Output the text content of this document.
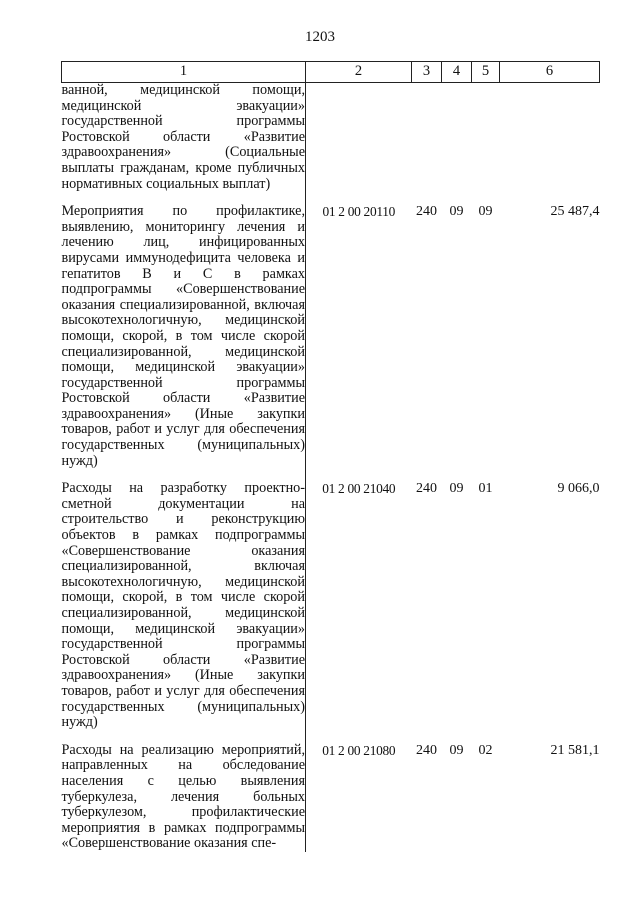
1203
1	2	3	4	5	6

ванной, медицинской помощи, медицинской эвакуации» государственной программы Ростовской области «Развитие здравоохранения» (Социальные выплаты гражданам, кроме публичных нормативных социальных выплат)					

Мероприятия по профилактике, выявлению, мониторингу лечения и лечению лиц, инфицированных вирусами иммунодефицита человека и гепатитов B и C в рамках подпрограммы «Совершенствование оказания специализированной, включая высокотехнологичную, медицинской помощи, скорой, в том числе скорой специализированной, медицинской помощи, медицинской эвакуации» государственной программы Ростовской области «Развитие здравоохранения» (Иные закупки товаров, работ и услуг для обеспечения государственных (муниципальных) нужд)	01 2 00 20110	240	09	09	25 487,4

Расходы на разработку проектно-сметной документации на строительство и реконструкцию объектов в рамках подпрограммы «Совершенствование оказания специализированной, включая высокотехнологичную, медицинской помощи, скорой, в том числе скорой специализированной, медицинской помощи, медицинской эвакуации» государственной программы Ростовской области «Развитие здравоохранения» (Иные закупки товаров, работ и услуг для обеспечения государственных (муниципальных) нужд)	01 2 00 21040	240	09	01	9 066,0

Расходы на реализацию мероприятий, направленных на обследование населения с целью выявления туберкулеза, лечения больных туберкулезом, профилактические мероприятия в рамках подпрограммы «Совершенствование оказания спе-	01 2 00 21080	240	09	02	21 581,1
